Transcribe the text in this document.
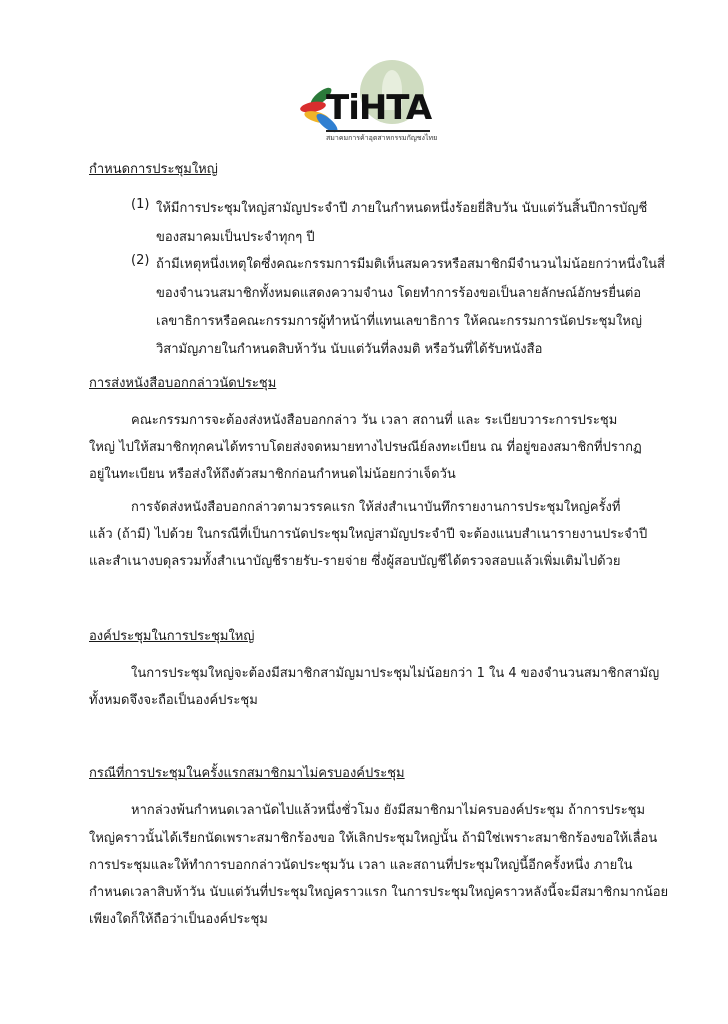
TiHTA
สมาคมการค้าอุตสาหกรรมกัญชงไทย
กำหนดการประชุมใหญ่
(1) ให้มีการประชุมใหญ่สามัญประจำปี ภายในกำหนดหนึ่งร้อยยี่สิบวัน นับแต่วันสิ้นปีการบัญชี
ของสมาคมเป็นประจำทุกๆ ปี
(2) ถ้ามีเหตุหนึ่งเหตุใดซึ่งคณะกรรมการมีมติเห็นสมควรหรือสมาชิกมีจำนวนไม่น้อยกว่าหนึ่งในสี่
ของจำนวนสมาชิกทั้งหมดแสดงความจำนง โดยทำการร้องขอเป็นลายลักษณ์อักษรยื่นต่อ
เลขาธิการหรือคณะกรรมการผู้ทำหน้าที่แทนเลขาธิการ ให้คณะกรรมการนัดประชุมใหญ่
วิสามัญภายในกำหนดสิบห้าวัน นับแต่วันที่ลงมติ หรือวันที่ได้รับหนังสือ
การส่งหนังสือบอกกล่าวนัดประชุม
คณะกรรมการจะต้องส่งหนังสือบอกกล่าว วัน เวลา สถานที่ และ ระเบียบวาระการประชุม
ใหญ่ ไปให้สมาชิกทุกคนได้ทราบโดยส่งจดหมายทางไปรษณีย์ลงทะเบียน ณ ที่อยู่ของสมาชิกที่ปรากฏ
อยู่ในทะเบียน หรือส่งให้ถึงตัวสมาชิกก่อนกำหนดไม่น้อยกว่าเจ็ดวัน
การจัดส่งหนังสือบอกกล่าวตามวรรคแรก ให้ส่งสำเนาบันทึกรายงานการประชุมใหญ่ครั้งที่
แล้ว (ถ้ามี) ไปด้วย ในกรณีที่เป็นการนัดประชุมใหญ่สามัญประจำปี จะต้องแนบสำเนารายงานประจำปี
และสำเนางบดุลรวมทั้งสำเนาบัญชีรายรับ-รายจ่าย ซึ่งผู้สอบบัญชีได้ตรวจสอบแล้วเพิ่มเติมไปด้วย
องค์ประชุมในการประชุมใหญ่
ในการประชุมใหญ่จะต้องมีสมาชิกสามัญมาประชุมไม่น้อยกว่า 1 ใน 4 ของจำนวนสมาชิกสามัญ
ทั้งหมดจึงจะถือเป็นองค์ประชุม
กรณีที่การประชุมในครั้งแรกสมาชิกมาไม่ครบองค์ประชุม
หากล่วงพ้นกำหนดเวลานัดไปแล้วหนึ่งชั่วโมง ยังมีสมาชิกมาไม่ครบองค์ประชุม ถ้าการประชุม
ใหญ่คราวนั้นได้เรียกนัดเพราะสมาชิกร้องขอ ให้เลิกประชุมใหญ่นั้น ถ้ามิใช่เพราะสมาชิกร้องขอให้เลื่อน
การประชุมและให้ทำการบอกกล่าวนัดประชุมวัน เวลา และสถานที่ประชุมใหญ่นี้อีกครั้งหนึ่ง ภายใน
กำหนดเวลาสิบห้าวัน นับแต่วันที่ประชุมใหญ่คราวแรก ในการประชุมใหญ่คราวหลังนี้จะมีสมาชิกมากน้อย
เพียงใดก็ให้ถือว่าเป็นองค์ประชุม
